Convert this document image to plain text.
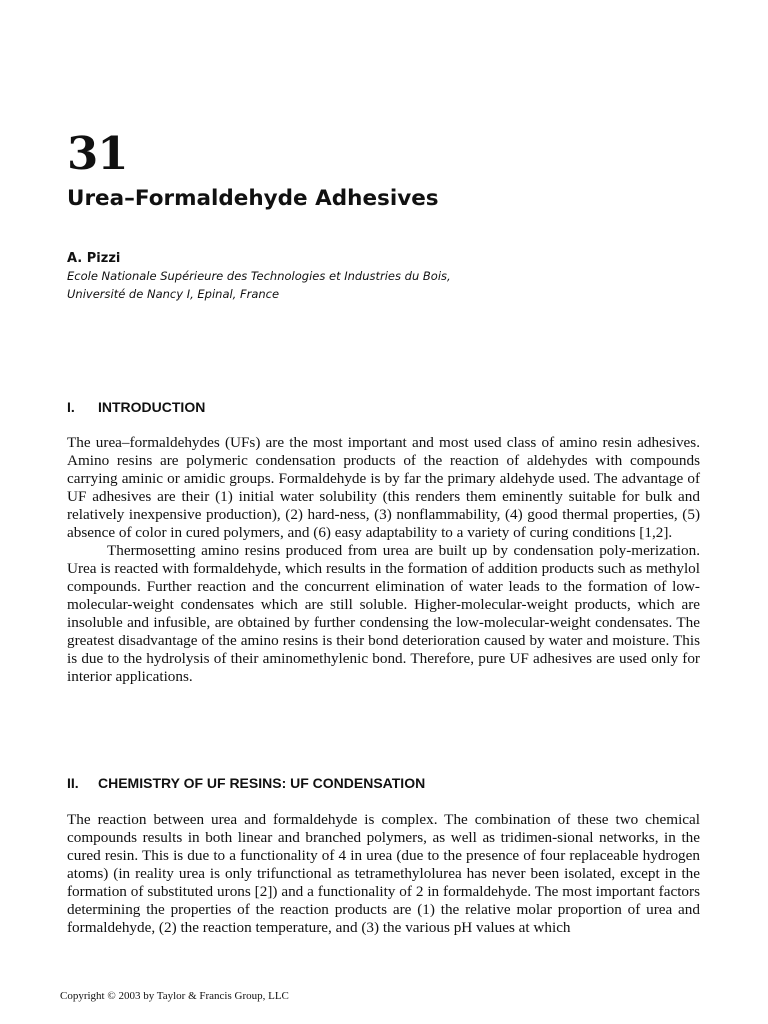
31
Urea–Formaldehyde Adhesives

A. Pizzi

Ecole Nationale Supérieure des Technologies et Industries du Bois,

Université de Nancy I, Epinal, France

I. INTRODUCTION

The urea–formaldehydes (UFs) are the most important and most used class of amino resin adhesives. Amino resins are polymeric condensation products of the reaction of aldehydes with compounds carrying aminic or amidic groups. Formaldehyde is by far the primary aldehyde used. The advantage of UF adhesives are their (1) initial water solubility (this renders them eminently suitable for bulk and relatively inexpensive production), (2) hard-ness, (3) nonflammability, (4) good thermal properties, (5) absence of color in cured polymers, and (6) easy adaptability to a variety of curing conditions [1,2].

Thermosetting amino resins produced from urea are built up by condensation poly-merization. Urea is reacted with formaldehyde, which results in the formation of addition products such as methylol compounds. Further reaction and the concurrent elimination of water leads to the formation of low-molecular-weight condensates which are still soluble. Higher-molecular-weight products, which are insoluble and infusible, are obtained by further condensing the low-molecular-weight condensates. The greatest disadvantage of the amino resins is their bond deterioration caused by water and moisture. This is due to the hydrolysis of their aminomethylenic bond. Therefore, pure UF adhesives are used only for interior applications.

II. CHEMISTRY OF UF RESINS: UF CONDENSATION

The reaction between urea and formaldehyde is complex. The combination of these two chemical compounds results in both linear and branched polymers, as well as tridimen-sional networks, in the cured resin. This is due to a functionality of 4 in urea (due to the presence of four replaceable hydrogen atoms) (in reality urea is only trifunctional as tetramethylolurea has never been isolated, except in the formation of substituted urons [2]) and a functionality of 2 in formaldehyde. The most important factors determining the properties of the reaction products are (1) the relative molar proportion of urea and formaldehyde, (2) the reaction temperature, and (3) the various pH values at which

Copyright © 2003 by Taylor & Francis Group, LLC
